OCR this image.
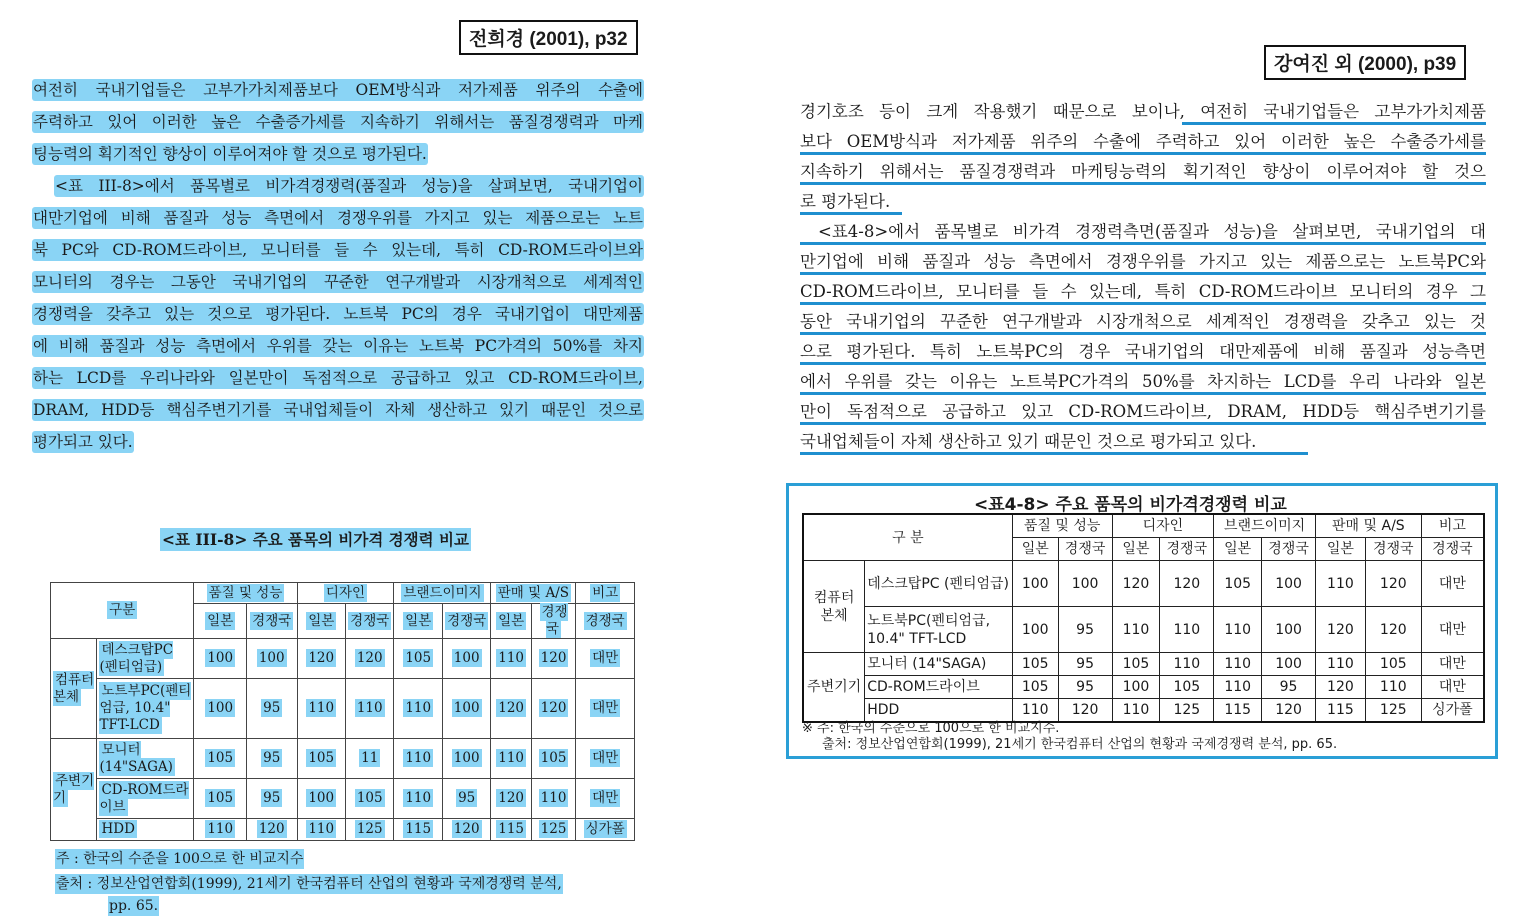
전희경 (2001), p32
여전히 국내기업들은 고부가가치제품보다 OEM방식과 저가제품 위주의 수출에
주력하고 있어 이러한 높은 수출증가세를 지속하기 위해서는 품질경쟁력과 마케
팅능력의 획기적인 향상이 이루어져야 할 것으로 평가된다.
<표 III-8>에서 품목별로 비가격경쟁력(품질과 성능)을 살펴보면, 국내기업이
대만기업에 비해 품질과 성능 측면에서 경쟁우위를 가지고 있는 제품으로는 노트
북 PC와 CD-ROM드라이브, 모니터를 들 수 있는데, 특히 CD-ROM드라이브와
모니터의 경우는 그동안 국내기업의 꾸준한 연구개발과 시장개척으로 세계적인
경쟁력을 갖추고 있는 것으로 평가된다. 노트북 PC의 경우 국내기업이 대만제품
에 비해 품질과 성능 측면에서 우위를 갖는 이유는 노트북 PC가격의 50%를 차지
하는 LCD를 우리나라와 일본만이 독점적으로 공급하고 있고 CD-ROM드라이브,
DRAM, HDD등 핵심주변기기를 국내업체들이 자체 생산하고 있기 때문인 것으로
평가되고 있다.
<표 III-8> 주요 품목의 비가격 경쟁력 비교
구분		품질 및 성능		디자인		브랜드이미지		판매 및 A/S		비고
		일본	경쟁국	일본	경쟁국	일본	경쟁국	일본	경쟁국	경쟁국
컴퓨터 본체	데스크탑PC (펜티엄급)	100	100	120	120	105	100	110	120	대만
	노트부PC(펜티엄급, 10.4" TFT-LCD	100	95	110	110	110	100	120	120	대만
주변기기	모니터(14"SAGA)	105	95	105	11	110	100	110	105	대만
	CD-ROM드라이브	105	95	100	105	110	95	120	110	대만
	HDD	110	120	110	125	115	120	115	125	싱가폴
주 : 한국의 수준을 100으로 한 비교지수
출처 : 정보산업연합회(1999), 21세기 한국컴퓨터 산업의 현황과 국제경쟁력 분석,
pp. 65.
강여진 외 (2000), p39
경기호조 등이 크게 작용했기 때문으로 보이나, 여전히 국내기업들은 고부가가치제품
보다 OEM방식과 저가제품 위주의 수출에 주력하고 있어 이러한 높은 수출증가세를
지속하기 위해서는 품질경쟁력과 마케팅능력의 획기적인 향상이 이루어져야 할 것으
로 평가된다.
<표4-8>에서 품목별로 비가격 경쟁력측면(품질과 성능)을 살펴보면, 국내기업의 대
만기업에 비해 품질과 성능 측면에서 경쟁우위를 가지고 있는 제품으로는 노트북PC와
CD-ROM드라이브, 모니터를 들 수 있는데, 특히 CD-ROM드라이브 모니터의 경우 그
동안 국내기업의 꾸준한 연구개발과 시장개척으로 세계적인 경쟁력을 갖추고 있는 것
으로 평가된다. 특히 노트북PC의 경우 국내기업의 대만제품에 비해 품질과 성능측면
에서 우위를 갖는 이유는 노트북PC가격의 50%를 차지하는 LCD를 우리 나라와 일본
만이 독점적으로 공급하고 있고 CD-ROM드라이브, DRAM, HDD등 핵심주변기기를
국내업체들이 자체 생산하고 있기 때문인 것으로 평가되고 있다.
<표4-8> 주요 품목의 비가격경쟁력 비교
구 분		품질 및 성능		디자인		브랜드이미지		판매 및 A/S		비고
		일본	경쟁국	일본	경쟁국	일본	경쟁국	일본	경쟁국	경쟁국
컴퓨터 본체	데스크탑PC (펜티엄급)	100	100	120	120	105	100	110	120	대만
	노트북PC(펜티엄급, 10.4" TFT-LCD	100	95	110	110	110	100	120	120	대만
주변기기	모니터 (14"SAGA)	105	95	105	110	110	100	110	105	대만
	CD-ROM드라이브	105	95	100	105	110	95	120	110	대만
	HDD	110	120	110	125	115	120	115	125	싱가폴
※ 주: 한국의 수준으로 100으로 한 비교지수.
출처: 정보산업연합회(1999), 21세기 한국컴퓨터 산업의 현황과 국제경쟁력 분석, pp. 65.
